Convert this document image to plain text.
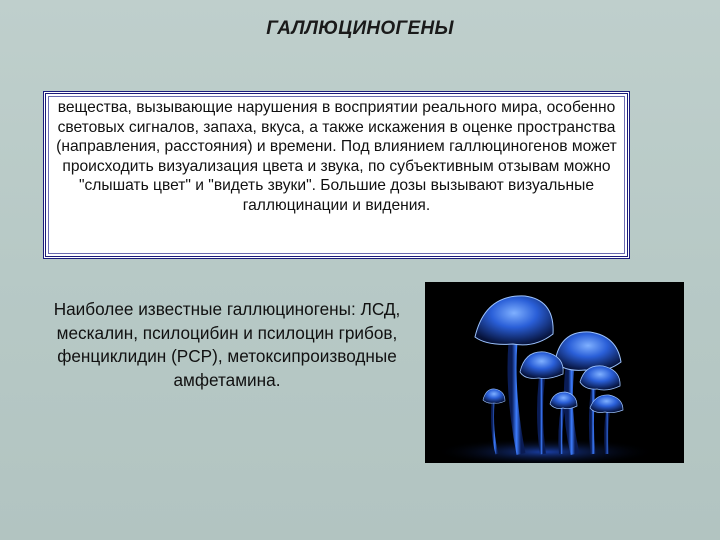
ГАЛЛЮЦИНОГЕНЫ
вещества, вызывающие нарушения в восприятии реального мира, особенно световых сигналов, запаха, вкуса, а также искажения в оценке пространства (направления, расстояния) и времени. Под влиянием галлюциногенов может происходить визуализация цвета и звука, по субъективным отзывам можно "слышать цвет" и "видеть звуки". Большие дозы вызывают визуальные галлюцинации и видения.
Наиболее известные галлюциногены: ЛСД, мескалин, псилоцибин и псилоцин грибов, фенциклидин (PCP), метоксипроизводные амфетамина.
